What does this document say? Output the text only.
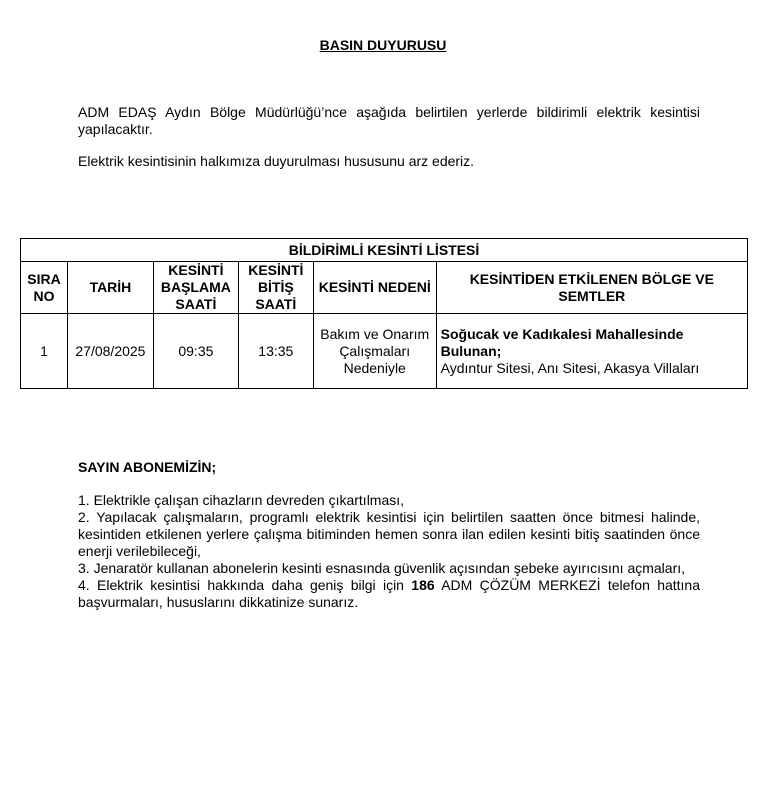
BASIN DUYURUSU
ADM EDAŞ Aydın Bölge Müdürlüğü’nce aşağıda belirtilen yerlerde bildirimli elektrik kesintisi yapılacaktır.
Elektrik kesintisinin halkımıza duyurulması hususunu arz ederiz.
BİLDİRİMLİ KESİNTİ LİSTESİ					
SIRA NO	TARİH	KESİNTİ BAŞLAMA SAATİ	KESİNTİ BİTİŞ SAATİ	KESİNTİ NEDENİ	KESİNTİDEN ETKİLENEN BÖLGE VE SEMTLER
1	27/08/2025	09:35	13:35	Bakım ve Onarım Çalışmaları Nedeniyle	Soğucak ve Kadıkalesi Mahallesinde Bulunan;
Aydıntur Sitesi, Anı Sitesi, Akasya Villaları
SAYIN ABONEMİZİN;

1. Elektrikle çalışan cihazların devreden çıkartılması,

2. Yapılacak çalışmaların, programlı elektrik kesintisi için belirtilen saatten önce bitmesi halinde, kesintiden etkilenen yerlere çalışma bitiminden hemen sonra ilan edilen kesinti bitiş saatinden önce enerji verilebileceği,

3. Jenaratör kullanan abonelerin kesinti esnasında güvenlik açısından şebeke ayırıcısını açmaları,

4. Elektrik kesintisi hakkında daha geniş bilgi için 186 ADM ÇÖZÜM MERKEZİ telefon hattına başvurmaları, hususlarını dikkatinize sunarız.
